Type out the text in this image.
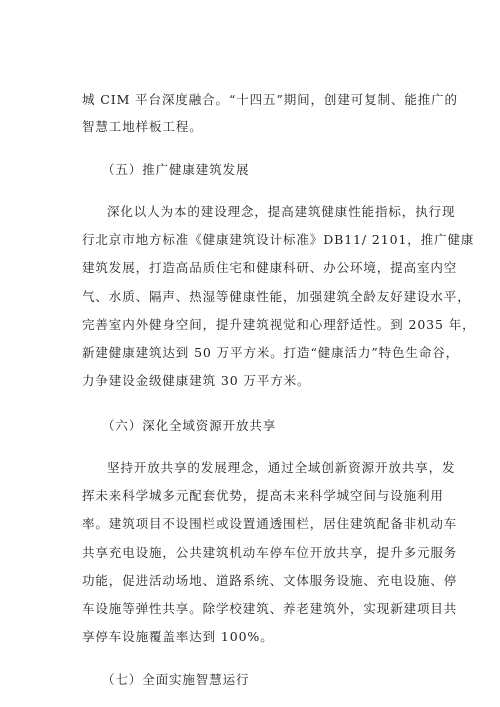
城 CIM 平台深度融合。“十四五”期间，创建可复制、能推广的
智慧工地样板工程。
（五）推广健康建筑发展
深化以人为本的建设理念，提高建筑健康性能指标，执行现
行北京市地方标准《健康建筑设计标准》DB11/ 2101，推广健康
建筑发展，打造高品质住宅和健康科研、办公环境，提高室内空
气、水质、隔声、热湿等健康性能，加强建筑全龄友好建设水平，
完善室内外健身空间，提升建筑视觉和心理舒适性。到 2035 年，
新建健康建筑达到 50 万平方米。打造“健康活力”特色生命谷，
力争建设金级健康建筑 30 万平方米。
（六）深化全域资源开放共享
坚持开放共享的发展理念，通过全域创新资源开放共享，发
挥未来科学城多元配套优势，提高未来科学城空间与设施利用
率。建筑项目不设围栏或设置通透围栏，居住建筑配备非机动车
共享充电设施，公共建筑机动车停车位开放共享，提升多元服务
功能，促进活动场地、道路系统、文体服务设施、充电设施、停
车设施等弹性共享。除学校建筑、养老建筑外，实现新建项目共
享停车设施覆盖率达到 100%。
（七）全面实施智慧运行
